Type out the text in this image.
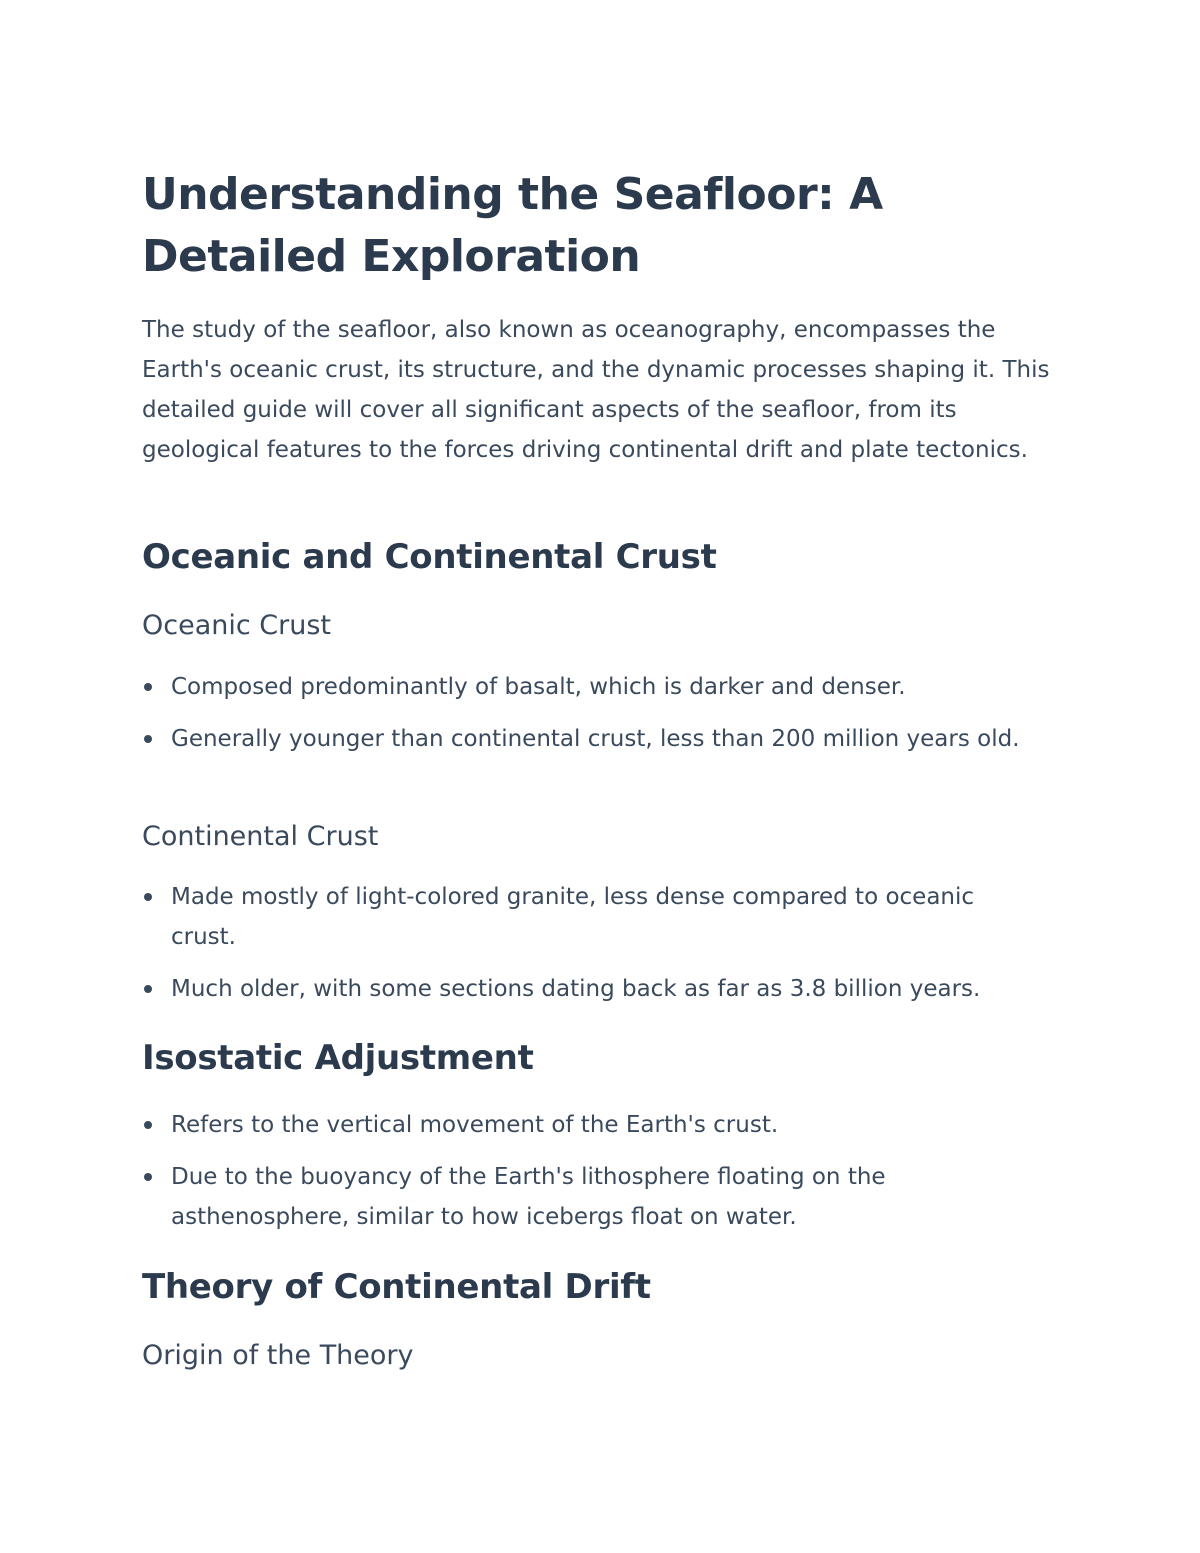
Understanding the Seafloor: A Detailed Exploration

The study of the seafloor, also known as oceanography, encompasses the Earth's oceanic crust, its structure, and the dynamic processes shaping it. This detailed guide will cover all significant aspects of the seafloor, from its geological features to the forces driving continental drift and plate tectonics.

Oceanic and Continental Crust
Oceanic Crust
Composed predominantly of basalt, which is darker and denser.
Generally younger than continental crust, less than 200 million years old.
Continental Crust
Made mostly of light-colored granite, less dense compared to oceanic crust.
Much older, with some sections dating back as far as 3.8 billion years.
Isostatic Adjustment
Refers to the vertical movement of the Earth's crust.
Due to the buoyancy of the Earth's lithosphere floating on the asthenosphere, similar to how icebergs float on water.
Theory of Continental Drift
Origin of the Theory
